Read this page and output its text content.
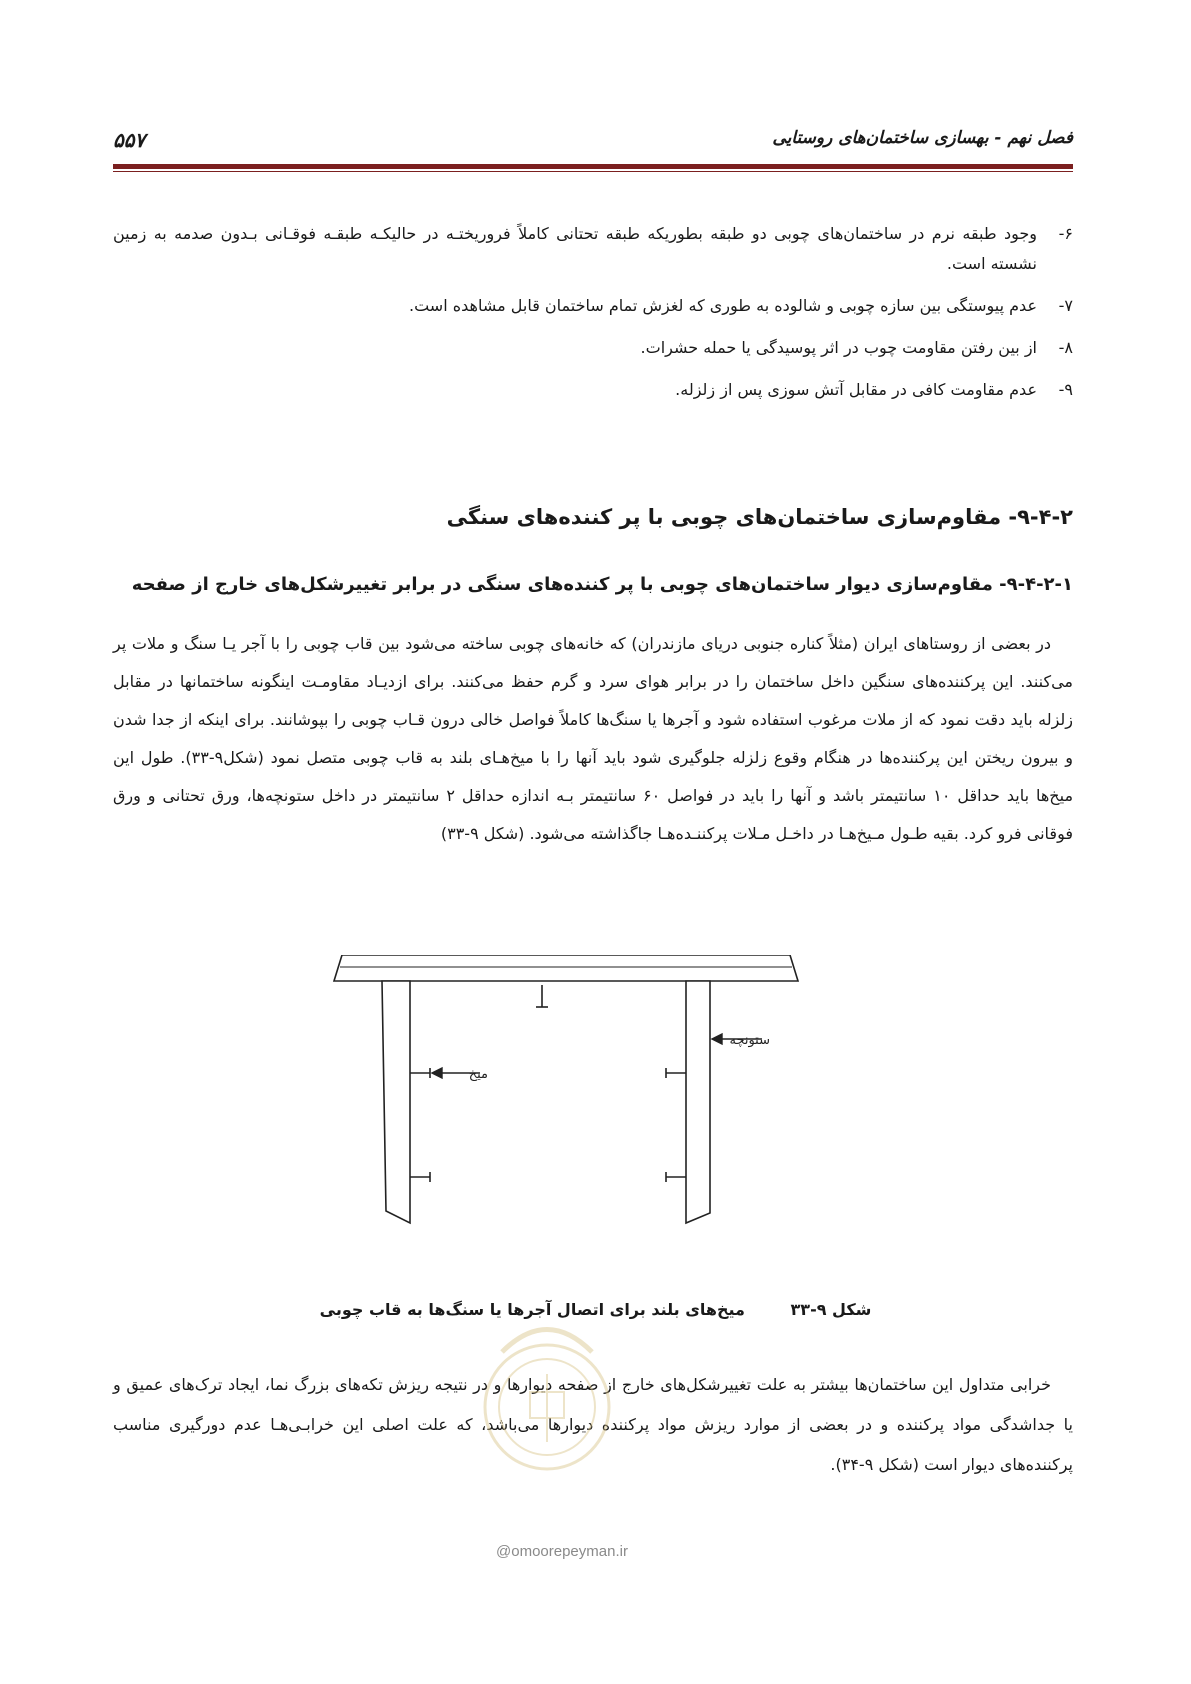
فصل نهم - بهسازی ساختمان‌های روستایی
۵۵۷
۶-
وجود طبقه نرم در ساختمان‌های چوبی دو طبقه بطوریکه طبقه تحتانی کاملاً فروریختـه در حالیکـه طبقـه فوقـانی بـدون صدمه به زمین نشسته است.
۷-
عدم پیوستگی بین سازه چوبی و شالوده به طوری که لغزش تمام ساختمان قابل مشاهده است.
۸-
از بین رفتن مقاومت چوب در اثر پوسیدگی یا حمله حشرات.
۹-
عدم مقاومت کافی در مقابل آتش سوزی پس از زلزله.
۹-۴-۲- مقاوم‌سازی ساختمان‌های چوبی با پر کننده‌های سنگی
۹-۴-۲-۱- مقاوم‌سازی دیوار ساختمان‌های چوبی با پر کننده‌های سنگی در برابر تغییرشکل‌های خارج از صفحه
در بعضی از روستاهای ایران (مثلاً کناره جنوبی دریای مازندران) که خانه‌های چوبی ساخته می‌شود بین قاب چوبی را با آجر یـا سنگ و ملات پر می‌کنند. این پرکننده‌های سنگین داخل ساختمان را در برابر هوای سرد و گرم حفظ می‌کنند. برای ازدیـاد مقاومـت اینگونه ساختمانها در مقابل زلزله باید دقت نمود که از ملات مرغوب استفاده شود و آجرها یا سنگ‌ها کاملاً فواصل خالی درون قـاب چوبی را بپوشانند. برای اینکه از جدا شدن و بیرون ریختن این پرکننده‌ها در هنگام وقوع زلزله جلوگیری شود باید آنها را با میخ‌هـای بلند به قاب چوبی متصل نمود (شکل۹-۳۳). طول این میخ‌ها باید حداقل ۱۰ سانتیمتر باشد و آنها را باید در فواصل ۶۰ سانتیمتر بـه اندازه حداقل ۲ سانتیمتر در داخل ستونچه‌ها، ورق تحتانی و ورق فوقانی فرو کرد. بقیه طـول مـیخ‌هـا در داخـل مـلات پرکننـده‌هـا جاگذاشته می‌شود. (شکل ۹-۳۳)
میخ
ستونچه
شکل ۹-۳۳ میخ‌های بلند برای اتصال آجرها یا سنگ‌ها به قاب چوبی
خرابی متداول این ساختمان‌ها بیشتر به علت تغییرشکل‌های خارج از صفحه دیوارها و در نتیجه ریزش تکه‌های بزرگ نما، ایجاد ترک‌های عمیق و یا جداشدگی مواد پرکننده و در بعضی از موارد ریزش مواد پرکننده دیوارها می‌باشد، که علت اصلی این خرابـی‌هـا عدم دورگیری مناسب پرکننده‌های دیوار است (شکل ۹-۳۴).
@omoorepeyman.ir
